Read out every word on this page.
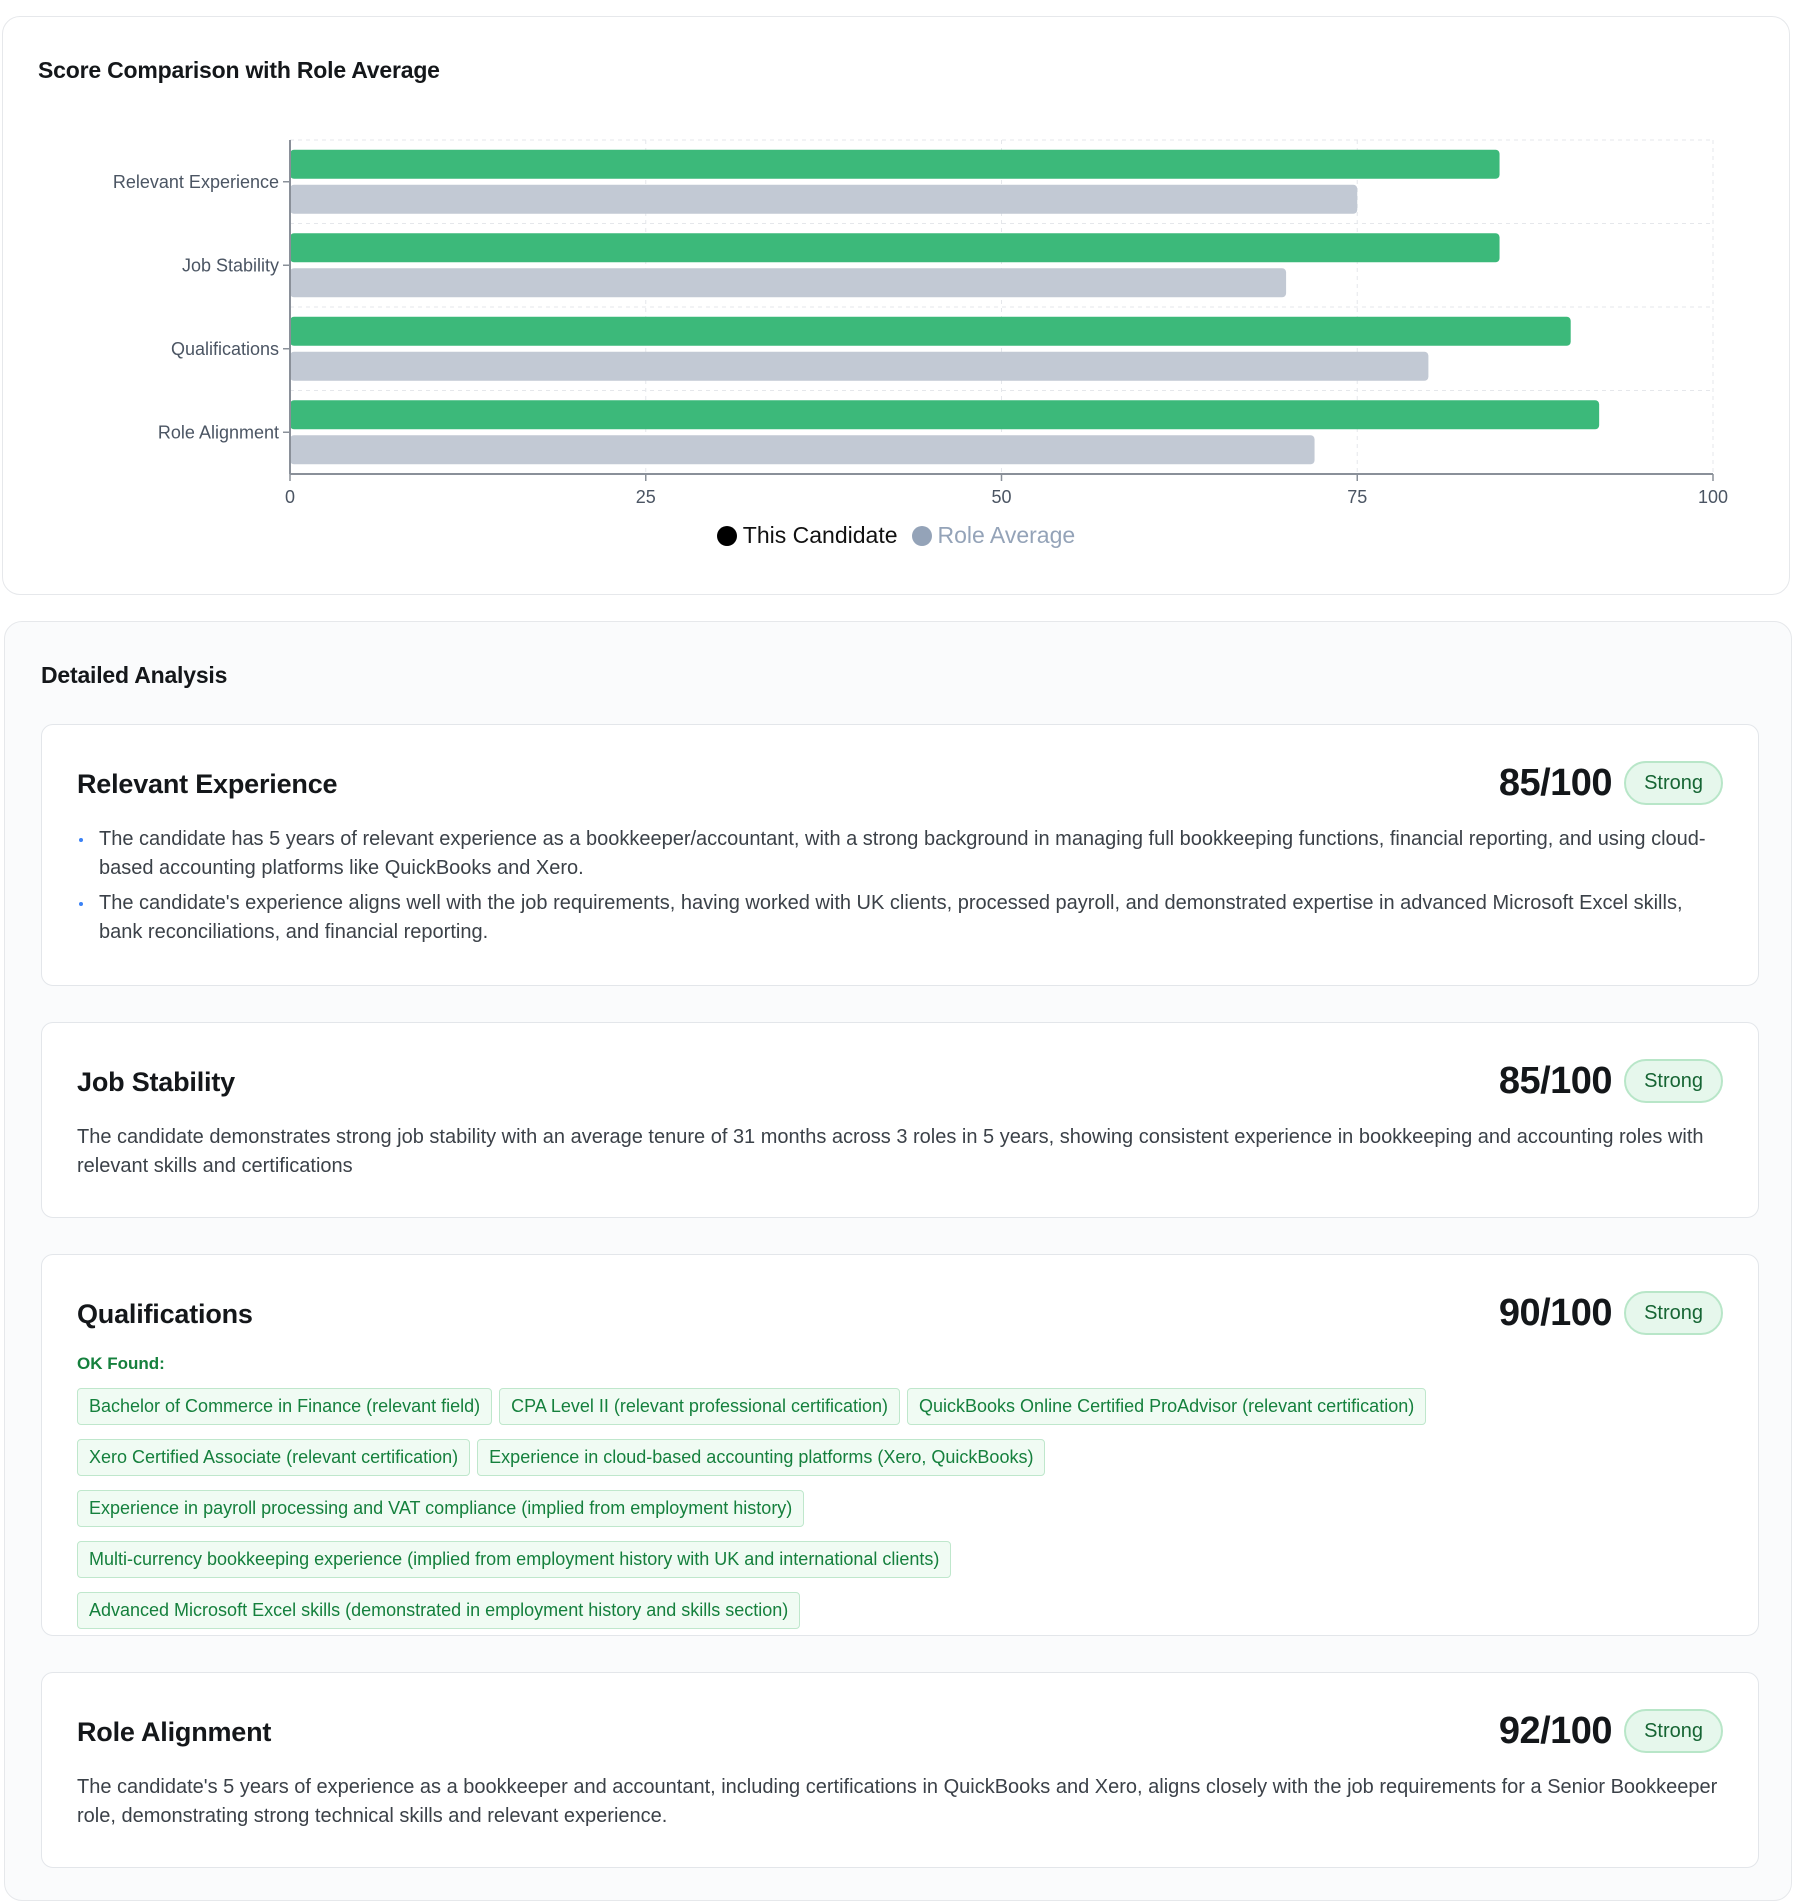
Score Comparison with Role Average
Relevant Experience
Job Stability
Qualifications
Role Alignment
0	25	50	75	100
This Candidate Role Average
Detailed Analysis
Relevant Experience	85/100	Strong
The candidate has 5 years of relevant experience as a bookkeeper/accountant, with a strong background in managing full bookkeeping functions, financial reporting, and using cloud-based accounting platforms like QuickBooks and Xero.
The candidate's experience aligns well with the job requirements, having worked with UK clients, processed payroll, and demonstrated expertise in advanced Microsoft Excel skills, bank reconciliations, and financial reporting.
Job Stability	85/100	Strong

The candidate demonstrates strong job stability with an average tenure of 31 months across 3 roles in 5 years, showing consistent experience in bookkeeping and accounting roles with relevant skills and certifications

Qualifications	90/100	Strong
OK Found:
Bachelor of Commerce in Finance (relevant field)	CPA Level II (relevant professional certification)	QuickBooks Online Certified ProAdvisor (relevant certification)
Xero Certified Associate (relevant certification)	Experience in cloud-based accounting platforms (Xero, QuickBooks)
Experience in payroll processing and VAT compliance (implied from employment history)
Multi-currency bookkeeping experience (implied from employment history with UK and international clients)
Advanced Microsoft Excel skills (demonstrated in employment history and skills section)
Role Alignment	92/100	Strong

The candidate's 5 years of experience as a bookkeeper and accountant, including certifications in QuickBooks and Xero, aligns closely with the job requirements for a Senior Bookkeeper role, demonstrating strong technical skills and relevant experience.
